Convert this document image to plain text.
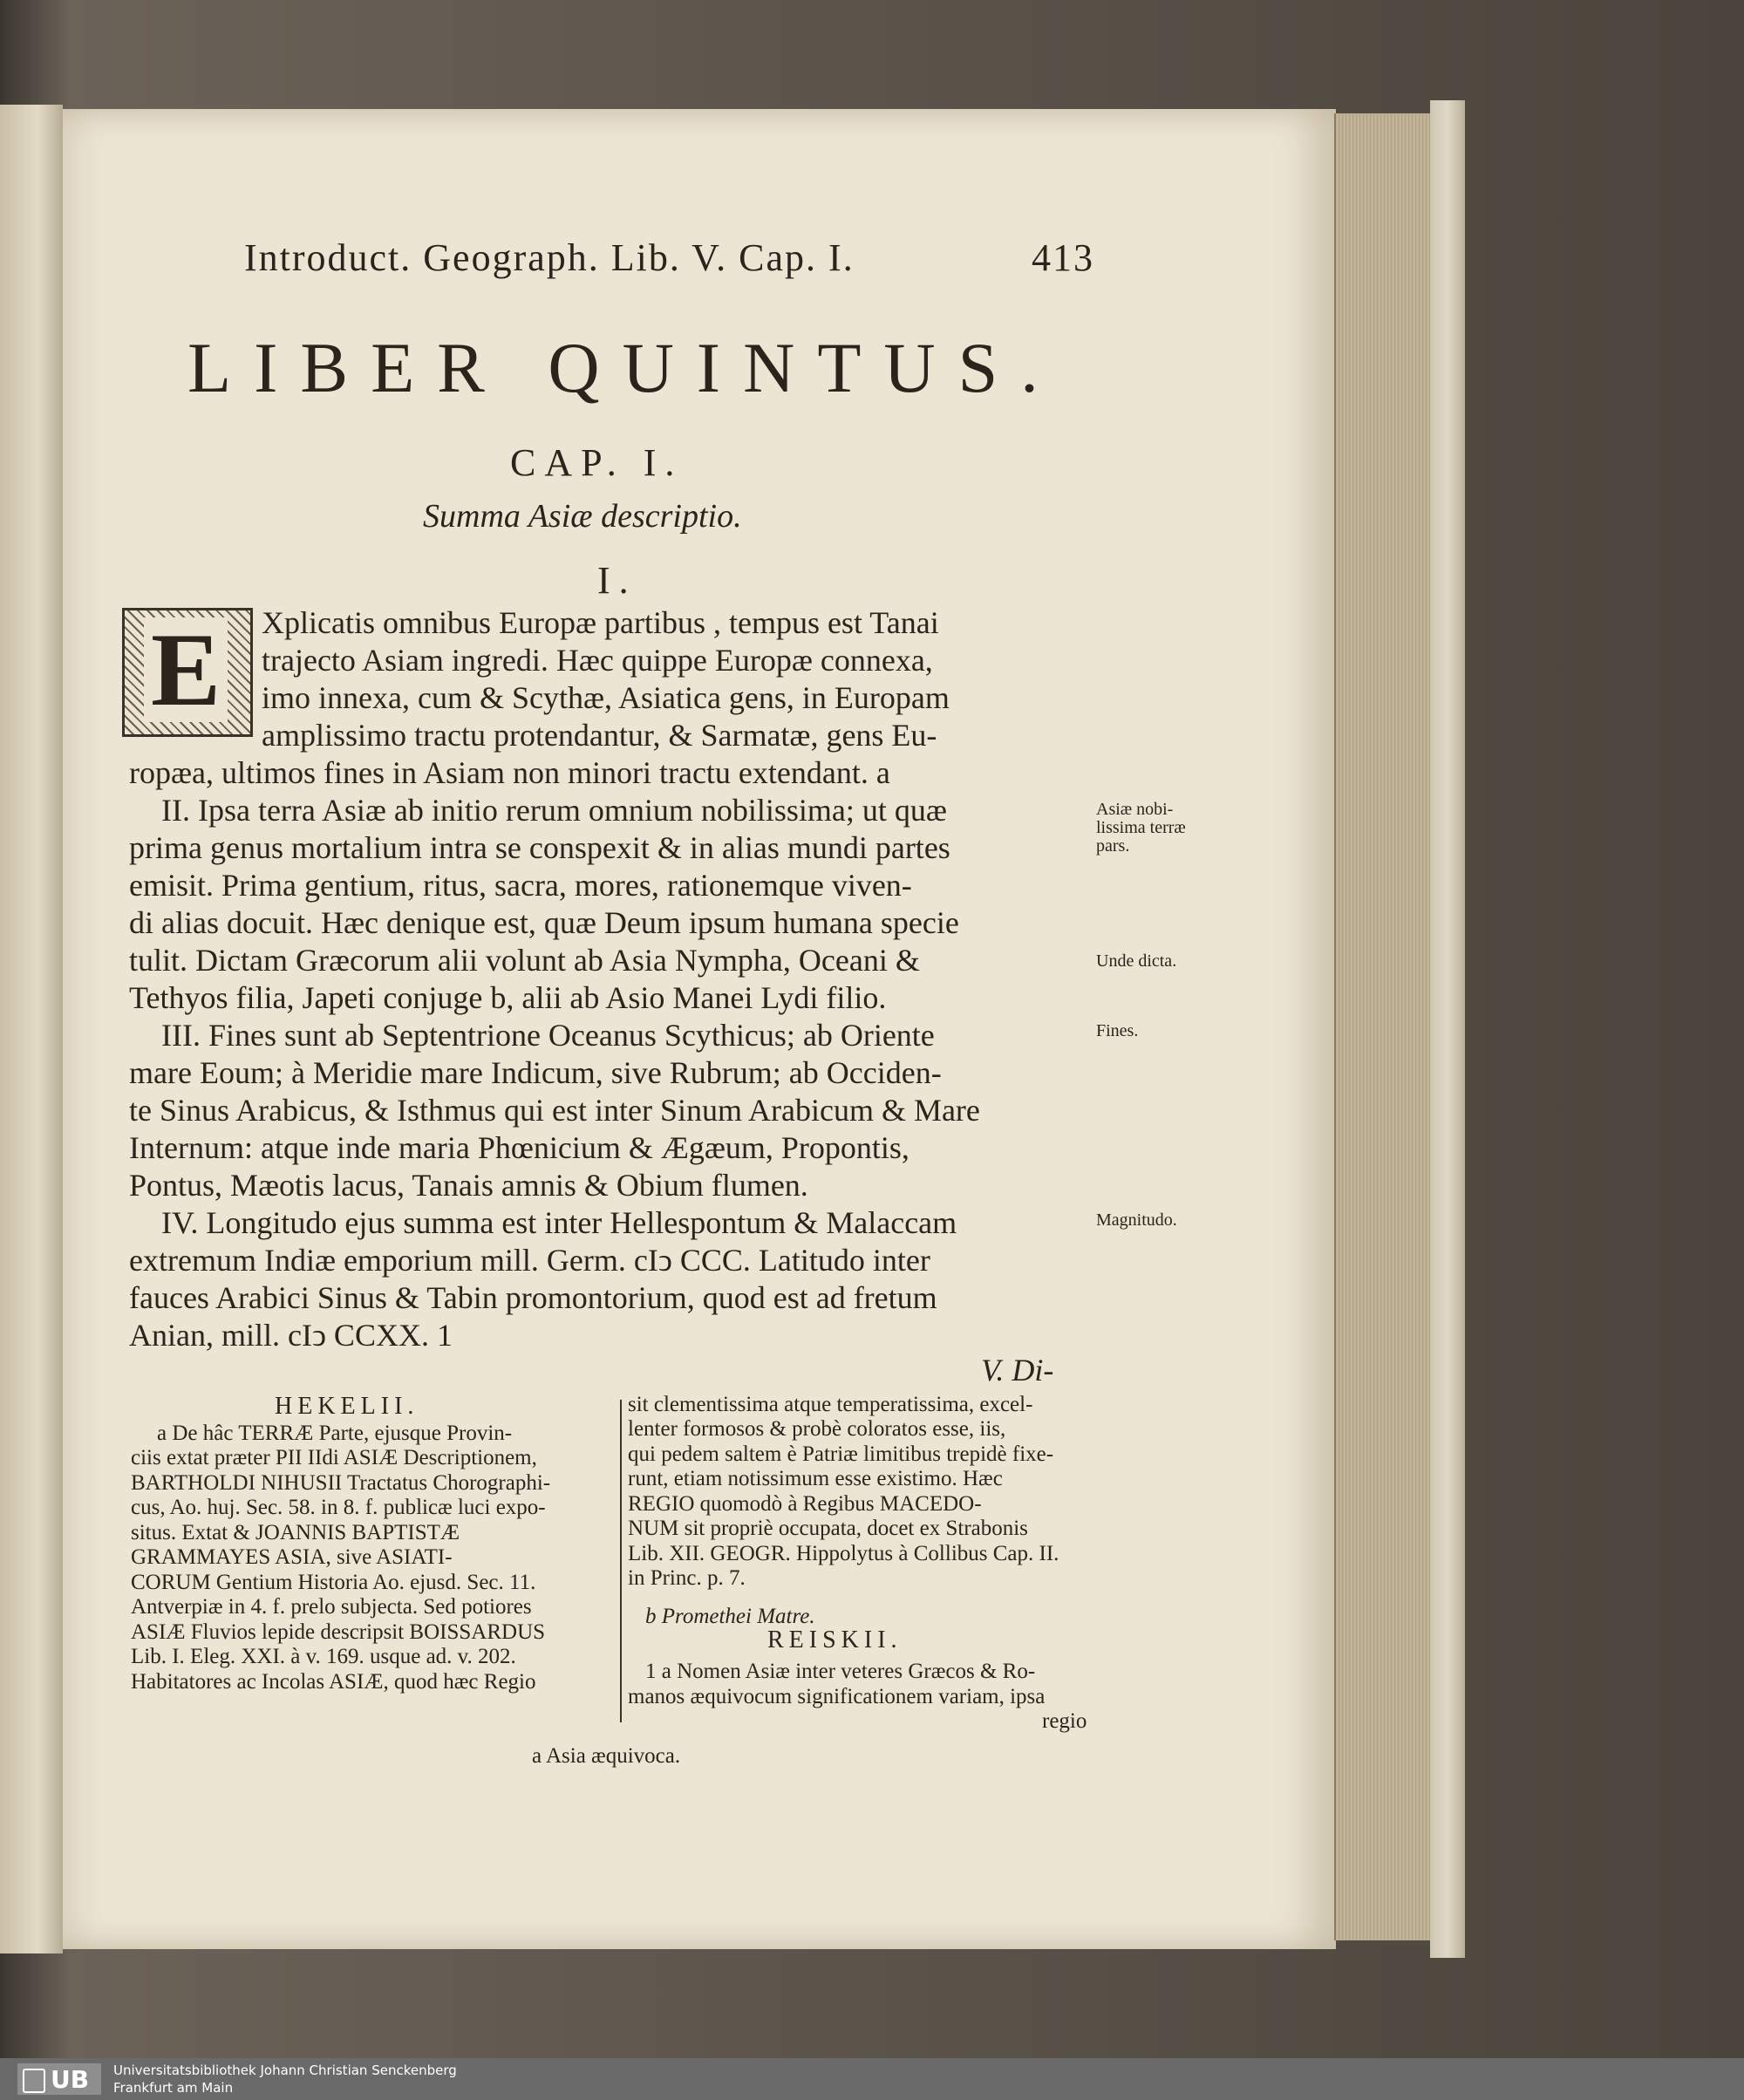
Introduct. Geograph. Lib. V. Cap. I.	413
LIBER QUINTUS.
CAP. I.
Summa Asiæ descriptio.
I.
E Xplicatis omnibus Europæ partibus , tempus est Tanai
trajecto Asiam ingredi. Hæc quippe Europæ connexa,
imo innexa, cum & Scythæ, Asiatica gens, in Europam
amplissimo tractu protendantur, & Sarmatæ, gens Eu-
ropæa, ultimos fines in Asiam non minori tractu extendant. a
II. Ipsa terra Asiæ ab initio rerum omnium nobilissima; ut quæ
prima genus mortalium intra se conspexit & in alias mundi partes
emisit. Prima gentium, ritus, sacra, mores, rationemque viven-
di alias docuit. Hæc denique est, quæ Deum ipsum humana specie
tulit. Dictam Græcorum alii volunt ab Asia Nympha, Oceani &
Tethyos filia, Japeti conjuge b, alii ab Asio Manei Lydi filio.
III. Fines sunt ab Septentrione Oceanus Scythicus; ab Oriente
mare Eoum; à Meridie mare Indicum, sive Rubrum; ab Occiden-
te Sinus Arabicus, & Isthmus qui est inter Sinum Arabicum & Mare
Internum: atque inde maria Phœnicium & Ægæum, Propontis,
Pontus, Mæotis lacus, Tanais amnis & Obium flumen.
IV. Longitudo ejus summa est inter Hellespontum & Malaccam
extremum Indiæ emporium mill. Germ. cIↄ CCC. Latitudo inter
fauces Arabici Sinus & Tabin promontorium, quod est ad fretum
Anian, mill. cIↄ CCXX. 1
V. Di-
Asiæ nobi-
lissima terræ
pars.
Unde dicta.
Fines.
Magnitudo.
HEKELII.
a De hâc TERRÆ Parte, ejusque Provin-
ciis extat præter PII IIdi ASIÆ Descriptionem,
BARTHOLDI NIHUSII Tractatus Chorographi-
cus, Ao. huj. Sec. 58. in 8. f. publicæ luci expo-
situs. Extat & JOANNIS BAPTISTÆ
GRAMMAYES ASIA, sive ASIATI-
CORUM Gentium Historia Ao. ejusd. Sec. 11.
Antverpiæ in 4. f. prelo subjecta. Sed potiores
ASIÆ Fluvios lepide descripsit BOISSARDUS
Lib. I. Eleg. XXI. à v. 169. usque ad. v. 202.
Habitatores ac Incolas ASIÆ, quod hæc Regio
sit clementissima atque temperatissima, excel-
lenter formosos & probè coloratos esse, iis,
qui pedem saltem è Patriæ limitibus trepidè fixe-
runt, etiam notissimum esse existimo. Hæc
REGIO quomodò à Regibus MACEDO-
NUM sit propriè occupata, docet ex Strabonis
Lib. XII. GEOGR. Hippolytus à Collibus Cap. II.
in Princ. p. 7.
b Promethei Matre.
REISKII.
1 a Nomen Asiæ inter veteres Græcos & Ro-
manos æquivocum significationem variam, ipsa
regio
a Asia æquivoca.
UB Universitatsbibliothek Johann Christian Senckenberg
Frankfurt am Main
